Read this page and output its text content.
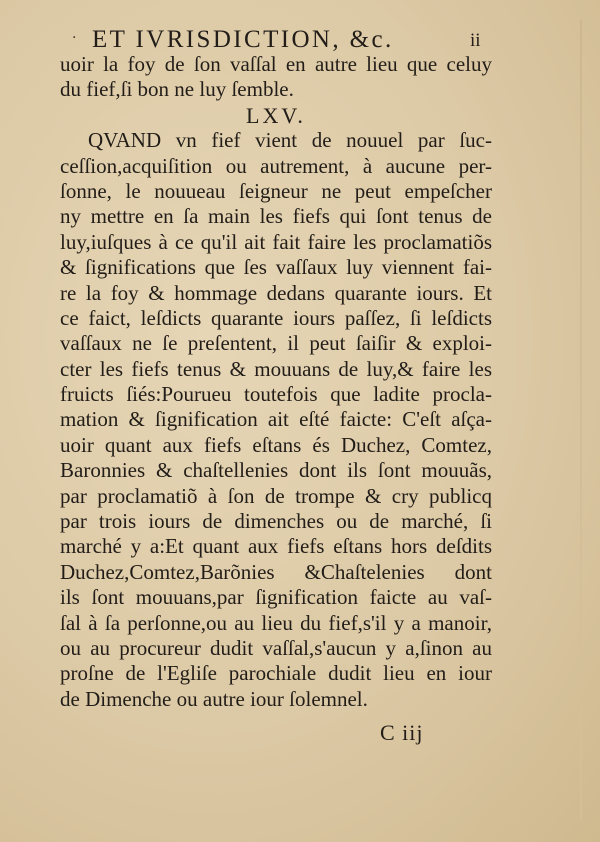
· ET IVRISDICTION, &c.	ii
uoir la foy de ſon vaſſal en autre lieu que celuy
du fief,ſi bon ne luy ſemble.
LXV.
QVAND vn fief vient de nouuel par ſuc-
ceſſion,acquiſition ou autrement, à aucune per-
ſonne, le nouueau ſeigneur ne peut empeſcher
ny mettre en ſa main les fiefs qui ſont tenus de
luy,iuſques à ce qu'il ait fait faire les proclamatiõs
& ſignifications que ſes vaſſaux luy viennent fai-
re la foy & hommage dedans quarante iours. Et
ce faict, leſdicts quarante iours paſſez, ſi leſdicts
vaſſaux ne ſe preſentent, il peut ſaiſir & exploi-
cter les fiefs tenus & mouuans de luy,& faire les
fruicts ſiés:Pourueu toutefois que ladite procla-
mation & ſignification ait eſté faicte: C'eſt aſça-
uoir quant aux fiefs eſtans és Duchez, Comtez,
Baronnies & chaſtellenies dont ils ſont mouuãs,
par proclamatiõ à ſon de trompe & cry publicq
par trois iours de dimenches ou de marché, ſi
marché y a:Et quant aux fiefs eſtans hors deſdits
Duchez,Comtez,Barõnies &Chaſtelenies dont
ils ſont mouuans,par ſignification faicte au vaſ-
ſal à ſa perſonne,ou au lieu du fief,s'il y a manoir,
ou au procureur dudit vaſſal,s'aucun y a,ſinon au
proſne de l'Egliſe parochiale dudit lieu en iour
de Dimenche ou autre iour ſolemnel.
C iij
